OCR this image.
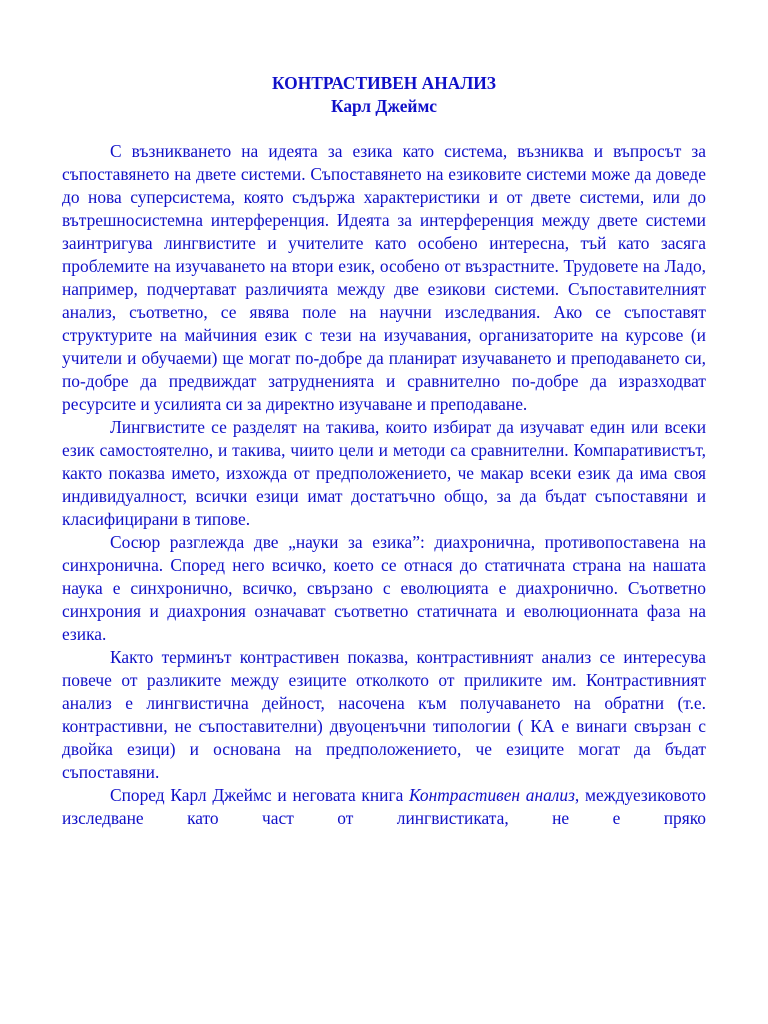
КОНТРАСТИВЕН АНАЛИЗ
Карл Джеймс

С възникването на идеята за езика като система, възниква и въпросът за съпоставянето на двете системи. Съпоставянето на езиковите системи може да доведе до нова суперсистема, която съдържа характеристики и от двете системи, или до вътрешносистемна интерференция. Идеята за интерференция между двете системи заинтригува лингвистите и учителите като особено интересна, тъй като засяга проблемите на изучаването на втори език, особено от възрастните. Трудовете на Ладо, например, подчертават различията между две езикови системи. Съпоставителният анализ, съответно, се явява поле на научни изследвания. Ако се съпоставят структурите на майчиния език с тези на изучавания, организаторите на курсове (и учители и обучаеми) ще могат по-добре да планират изучаването и преподаването си, по-добре да предвиждат затрудненията и сравнително по-добре да изразходват ресурсите и усилията си за директно изучаване и преподаване.

Лингвистите се разделят на такива, които избират да изучават един или всеки език самостоятелно, и такива, чиито цели и методи са сравнителни. Компаративистът, както показва името, изхожда от предположението, че макар всеки език да има своя индивидуалност, всички езици имат достатъчно общо, за да бъдат съпоставяни и класифицирани в типове.

Сосюр разглежда две „науки за езика”: диахронична, противопоставена на синхронична. Според него всичко, което се отнася до статичната страна на нашата наука е синхронично, всичко, свързано с еволюцията е диахронично. Съответно синхрония и диахрония означават съответно статичната и еволюционната фаза на езика.

Както терминът контрастивен показва, контрастивният анализ се интересува повече от разликите между езиците отколкото от приликите им. Контрастивният анализ е лингвистична дейност, насочена към получаването на обратни (т.е. контрастивни, не съпоставителни) двуоценъчни типологии ( КА е винаги свързан с двойка езици) и основана на предположението, че езиците могат да бъдат съпоставяни.

Според Карл Джеймс и неговата книга Контрастивен анализ, междуезиковото изследване като част от лингвистиката, не е пряко
